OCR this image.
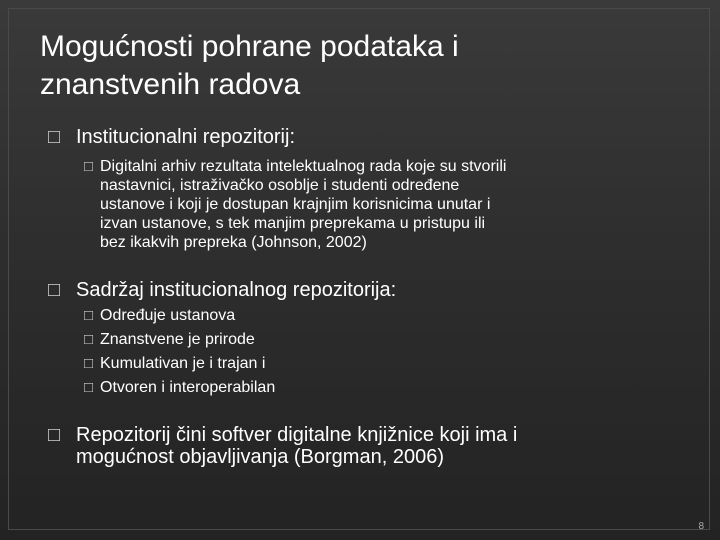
Mogućnosti pohrane podataka i
znanstvenih radova
□ Institucionalni repozitorij:
□ Digitalni arhiv rezultata intelektualnog rada koje su stvorili
nastavnici, istraživačko osoblje i studenti određene
ustanove i koji je dostupan krajnjim korisnicima unutar i
izvan ustanove, s tek manjim preprekama u pristupu ili
bez ikakvih prepreka (Johnson, 2002)
□ Sadržaj institucionalnog repozitorija:
□ Određuje ustanova
□ Znanstvene je prirode
□ Kumulativan je i trajan i
□ Otvoren i interoperabilan
□ Repozitorij čini softver digitalne knjižnice koji ima i
mogućnost objavljivanja (Borgman, 2006)
8
